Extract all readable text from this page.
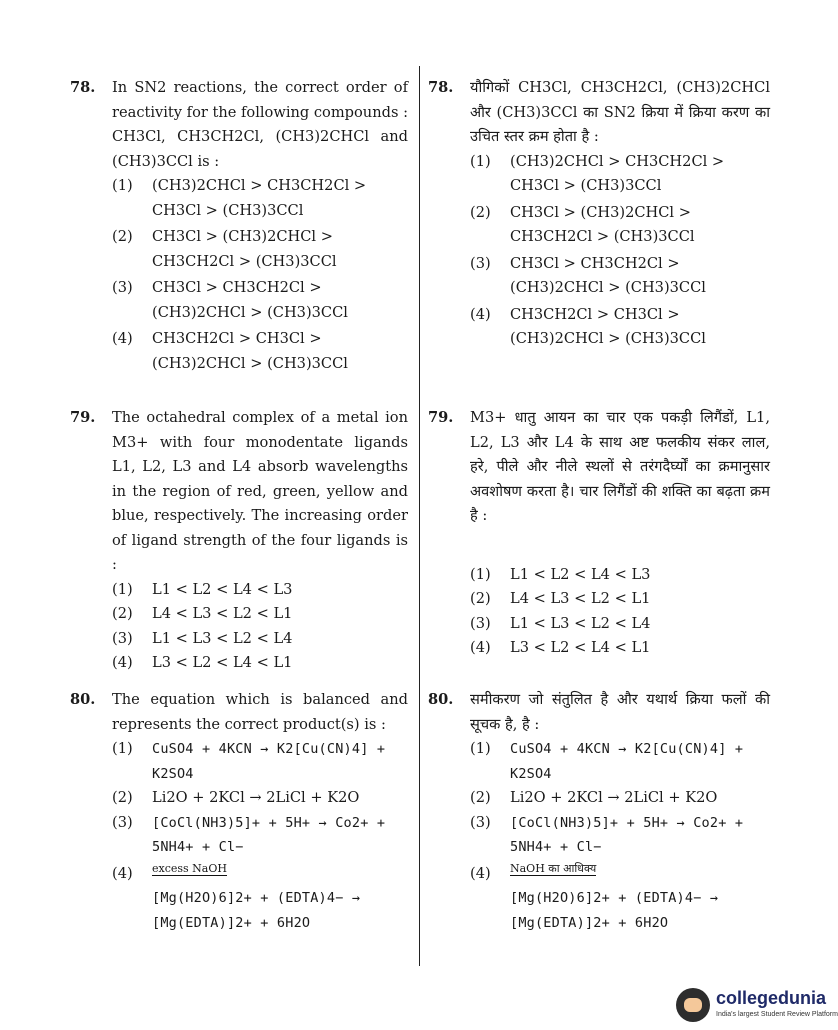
78. In SN2 reactions, the correct order of reactivity for the following compounds : CH3Cl, CH3CH2Cl, (CH3)2CHCl and (CH3)3CCl is :
(1) (CH3)2CHCl > CH3CH2Cl > CH3Cl > (CH3)3CCl
(2) CH3Cl > (CH3)2CHCl > CH3CH2Cl > (CH3)3CCl
(3) CH3Cl > CH3CH2Cl > (CH3)2CHCl > (CH3)3CCl
(4) CH3CH2Cl > CH3Cl > (CH3)2CHCl > (CH3)3CCl
79. The octahedral complex of a metal ion M3+ with four monodentate ligands L1, L2, L3 and L4 absorb wavelengths in the region of red, green, yellow and blue, respectively. The increasing order of ligand strength of the four ligands is :
(1) L1 < L2 < L4 < L3
(2) L4 < L3 < L2 < L1
(3) L1 < L3 < L2 < L4
(4) L3 < L2 < L4 < L1
80. The equation which is balanced and represents the correct product(s) is :
(1) CuSO4 + 4KCN → K2[Cu(CN)4] + K2SO4
(2) Li2O + 2KCl → 2LiCl + K2O
(3) [CoCl(NH3)5]+ + 5H+ → Co2+ + 5NH4+ + Cl−
(4) excess NaOH
[Mg(H2O)6]2+ + (EDTA)4− → [Mg(EDTA)]2+ + 6H2O
78. यौगिकों CH3Cl, CH3CH2Cl, (CH3)2CHCl और (CH3)3CCl का SN2 क्रिया में क्रिया करण का उचित स्तर क्रम होता है :
(1) (CH3)2CHCl > CH3CH2Cl > CH3Cl > (CH3)3CCl
(2) CH3Cl > (CH3)2CHCl > CH3CH2Cl > (CH3)3CCl
(3) CH3Cl > CH3CH2Cl > (CH3)2CHCl > (CH3)3CCl
(4) CH3CH2Cl > CH3Cl > (CH3)2CHCl > (CH3)3CCl
79. M3+ धातु आयन का चार एक पकड़ी लिगैंडों, L1, L2, L3 और L4 के साथ अष्ट फलकीय संकर लाल, हरे, पीले और नीले स्थलों से तरंगदैर्घ्यों का क्रमानुसार अवशोषण करता है। चार लिगैंडों की शक्ति का बढ़ता क्रम है :
(1) L1 < L2 < L4 < L3
(2) L4 < L3 < L2 < L1
(3) L1 < L3 < L2 < L4
(4) L3 < L2 < L4 < L1
80. समीकरण जो संतुलित है और यथार्थ क्रिया फलों की सूचक है, है :
(1) CuSO4 + 4KCN → K2[Cu(CN)4] + K2SO4
(2) Li2O + 2KCl → 2LiCl + K2O
(3) [CoCl(NH3)5]+ + 5H+ → Co2+ + 5NH4+ + Cl−
(4) NaOH का आधिक्य
[Mg(H2O)6]2+ + (EDTA)4− → [Mg(EDTA)]2+ + 6H2O
collegedunia
India's largest Student Review Platform
